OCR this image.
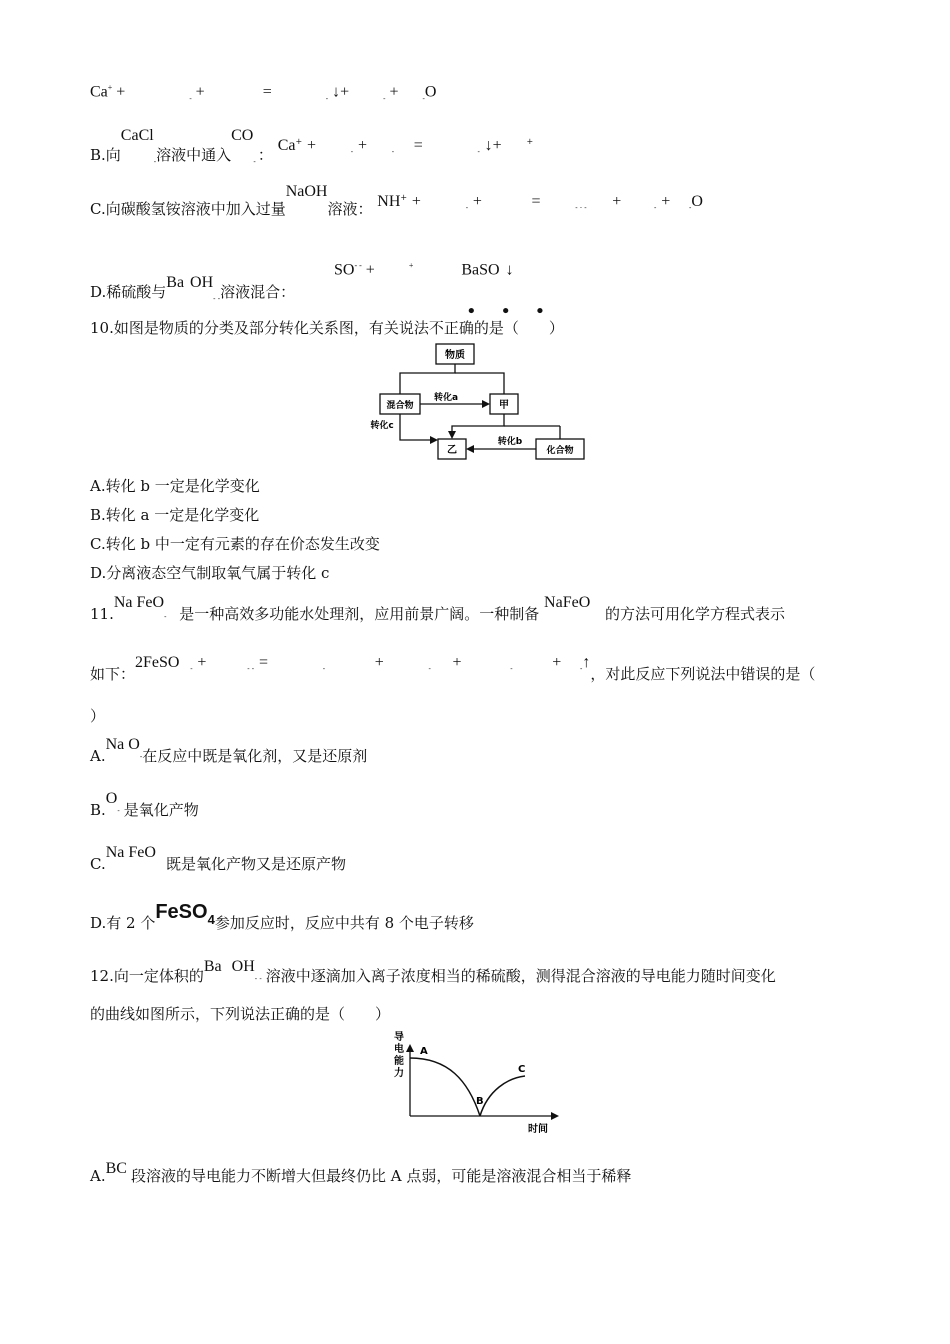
Ca+ +	$_-$ +	=	$_-$ ↓+	$_-$ +	$_-$O
B.向CaCl$_-$溶液中通入$CO_-$ ： Ca+ +	$_-$ +	$_-$ =	$_-$ ↓+	+
C.向碳酸氢铵溶液中加入过量NaOH溶液： NH+ +	$_-$ +	=	$_{- \cdot -}$ +	$_-$ +	$_-$O
SO- - +	+	BaSO ↓
D.稀硫酸与Ba $OH_{- -}$溶液混合：
• • •
10.如图是物质的分类及部分转化关系图，有关说法不正确的是（　　）
物质
混合物	甲
乙	化合物
转化a
转化b
转化c
A.转化 b 一定是化学变化
B.转化 a 一定是化学变化
C.转化 b 中一定有元素的存在价态发生改变
D.分离液态空气制取氧气属于转化 c
11.Na FeO$_-$ 是一种高效多功能水处理剂，应用前景广阔。一种制备 NaFeO 的方法可用化学方程式表示
如下：2FeSO $_-$ +	$_{- -}$ =	$_-$	+	$_-$ +	$_-$ +	$_-$↑，对此反应下列说法中错误的是（
）
A.Na $O_-$在反应中既是氧化剂，又是还原剂
$B.O_-$ 是氧化产物
C.Na FeO既是氧化产物又是还原产物
D.有 2 个FeSO4参加反应时，反应中共有 8 个电子转移
12.向一定体积的Ba $OH_{- -}$ 溶液中逐滴加入离子浓度相当的稀硫酸，测得混合溶液的导电能力随时间变化
的曲线如图所示，下列说法正确的是（　　）
导
电
能
力
A
B
C
时间
A.BC 段溶液的导电能力不断增大但最终仍比 A 点弱，可能是溶液混合相当于稀释
